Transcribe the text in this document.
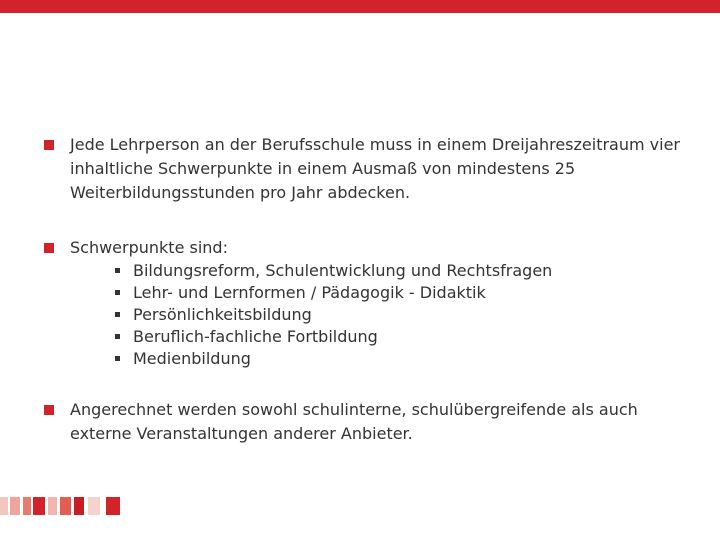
Jede Lehrperson an der Berufsschule muss in einem Dreijahreszeitraum vier inhaltliche Schwerpunkte in einem Ausmaß von mindestens 25 Weiterbildungsstunden pro Jahr abdecken.
Schwerpunkte sind:
Bildungsreform, Schulentwicklung und Rechtsfragen
Lehr- und Lernformen / Pädagogik - Didaktik
Persönlichkeitsbildung
Beruflich-fachliche Fortbildung
Medienbildung
Angerechnet werden sowohl schulinterne, schulübergreifende als auch externe Veranstaltungen anderer Anbieter.
